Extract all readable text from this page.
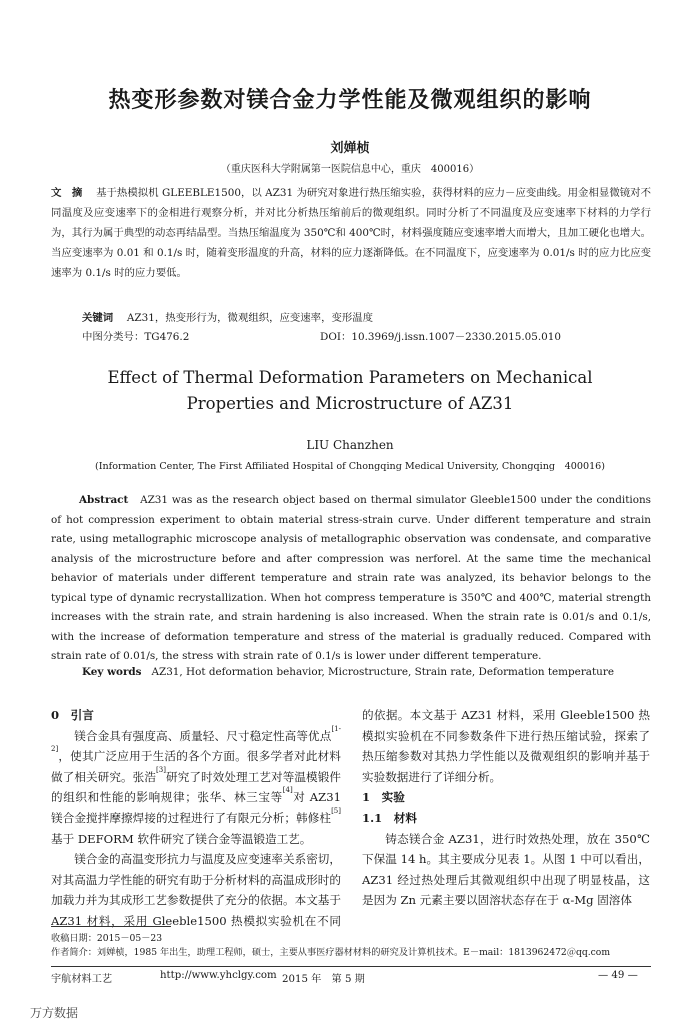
热变形参数对镁合金力学性能及微观组织的影响
刘婵桢
（重庆医科大学附属第一医院信息中心，重庆　400016）
文　摘　 基于热模拟机 GLEEBLE1500，以 AZ31 为研究对象进行热压缩实验，获得材料的应力－应变曲线。用金相显微镜对不同温度及应变速率下的金相进行观察分析，并对比分析热压缩前后的微观组织。同时分析了不同温度及应变速率下材料的力学行为，其行为属于典型的动态再结晶型。当热压缩温度为 350℃和 400℃时，材料强度随应变速率增大而增大，且加工硬化也增大。当应变速率为 0.01 和 0.1/s 时，随着变形温度的升高，材料的应力逐渐降低。在不同温度下，应变速率为 0.01/s 时的应力比应变速率为 0.1/s 时的应力要低。
关键词　 AZ31，热变形行为，微观组织，应变速率，变形温度
中图分类号：TG476.2	DOI：10.3969/j.issn.1007－2330.2015.05.010
Effect of Thermal Deformation Parameters on Mechanical
Properties and Microstructure of AZ31
LIU Chanzhen
(Information Center, The First Affiliated Hospital of Chongqing Medical University, Chongqing　400016)
Abstract AZ31 was as the research object based on thermal simulator Gleeble1500 under the conditions of hot compression experiment to obtain material stress-strain curve. Under different temperature and strain rate, using metallographic microscope analysis of metallographic observation was condensate, and comparative analysis of the microstructure before and after compression was nerforel. At the same time the mechanical behavior of materials under different temperature and strain rate was analyzed, its behavior belongs to the typical type of dynamic recrystallization. When hot compress temperature is 350℃ and 400℃, material strength increases with the strain rate, and strain hardening is also increased. When the strain rate is 0.01/s and 0.1/s, with the increase of deformation temperature and stress of the material is gradually reduced. Compared with strain rate of 0.01/s, the stress with strain rate of 0.1/s is lower under different temperature.
Key words AZ31, Hot deformation behavior, Microstructure, Strain rate, Deformation temperature
0　引言

镁合金具有强度高、质量轻、尺寸稳定性高等优点[1-2]，使其广泛应用于生活的各个方面。很多学者对此材料做了相关研究。张浩[3]研究了时效处理工艺对等温模锻件的组织和性能的影响规律；张华、林三宝等[4]对 AZ31 镁合金搅拌摩擦焊接的过程进行了有限元分析；韩修柱[5]基于 DEFORM 软件研究了镁合金等温锻造工艺。

镁合金的高温变形抗力与温度及应变速率关系密切，对其高温力学性能的研究有助于分析材料的高温成形时的加载力并为其成形工艺参数提供了充分的依据。本文基于 AZ31 材料，采用 Gleeble1500 热模拟实验机在不同

的依据。本文基于 AZ31 材料，采用 Gleeble1500 热模拟实验机在不同参数条件下进行热压缩试验，探索了热压缩参数对其热力学性能以及微观组织的影响并基于实验数据进行了详细分析。

1　实验
1.1　材料

铸态镁合金 AZ31，进行时效热处理，放在 350℃下保温 14 h。其主要成分见表 1。从图 1 中可以看出，AZ31 经过热处理后其微观组织中出现了明显枝晶，这是因为 Zn 元素主要以固溶状态存在于 α-Mg 固溶体

收稿日期：2015－05－23
作者简介：刘婵桢，1985 年出生，助理工程师，硕士，主要从事医疗器材材料的研究及计算机技术。E－mail：1813962472＠qq.com
宇航材料工艺	http://www.yhclgy.com 2015 年　第 5 期	— 49 —
万方数据
